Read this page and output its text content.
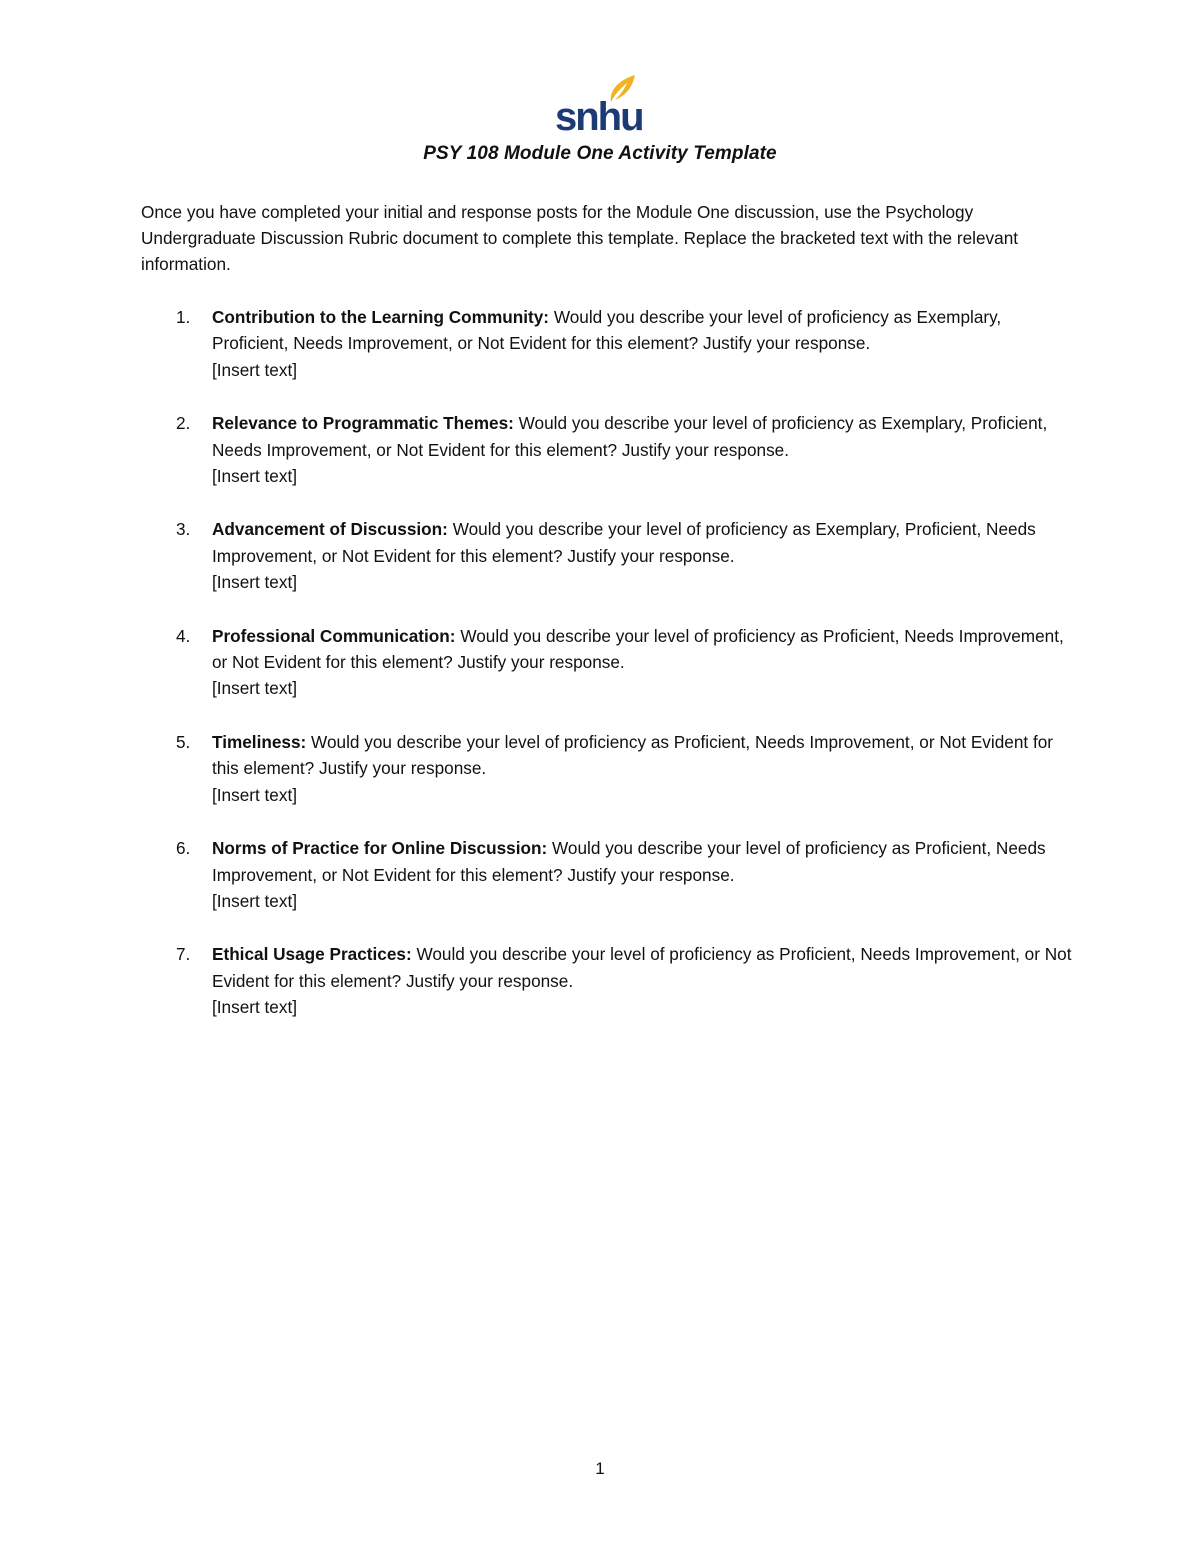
snhu
PSY 108 Module One Activity Template

Once you have completed your initial and response posts for the Module One discussion, use the Psychology Undergraduate Discussion Rubric document to complete this template. Replace the bracketed text with the relevant information.

1. Contribution to the Learning Community: Would you describe your level of proficiency as Exemplary, Proficient, Needs Improvement, or Not Evident for this element? Justify your response.
[Insert text]
2. Relevance to Programmatic Themes: Would you describe your level of proficiency as Exemplary, Proficient, Needs Improvement, or Not Evident for this element? Justify your response.
[Insert text]
3. Advancement of Discussion: Would you describe your level of proficiency as Exemplary, Proficient, Needs Improvement, or Not Evident for this element? Justify your response.
[Insert text]
4. Professional Communication: Would you describe your level of proficiency as Proficient, Needs Improvement, or Not Evident for this element? Justify your response.
[Insert text]
5. Timeliness: Would you describe your level of proficiency as Proficient, Needs Improvement, or Not Evident for this element? Justify your response.
[Insert text]
6. Norms of Practice for Online Discussion: Would you describe your level of proficiency as Proficient, Needs Improvement, or Not Evident for this element? Justify your response.
[Insert text]
7. Ethical Usage Practices: Would you describe your level of proficiency as Proficient, Needs Improvement, or Not Evident for this element? Justify your response.
[Insert text]
1
